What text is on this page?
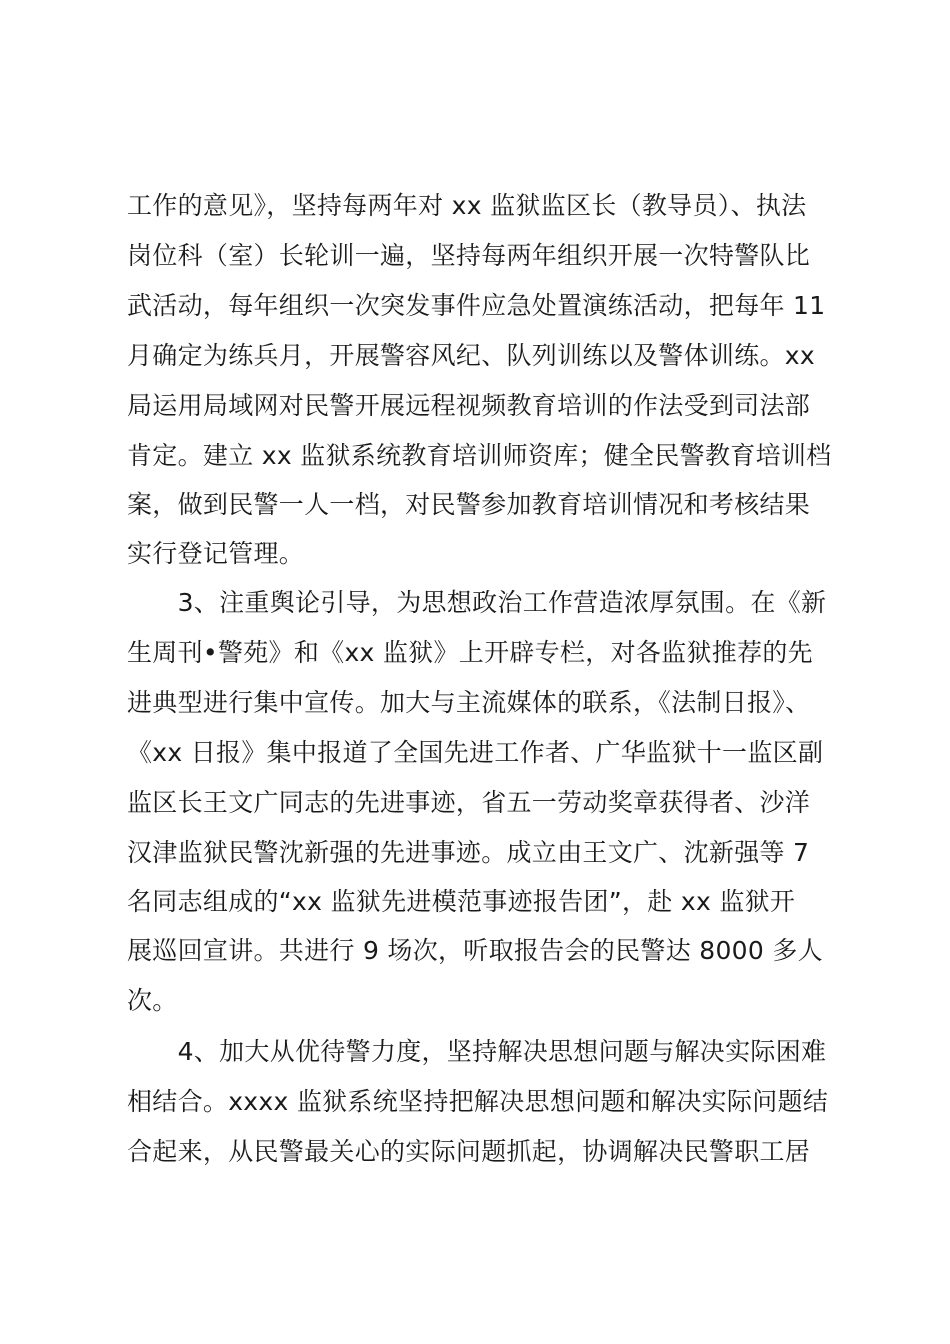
工作的意见》，坚持每两年对 xx 监狱监区长（教导员）、执法
岗位科（室）长轮训一遍，坚持每两年组织开展一次特警队比
武活动，每年组织一次突发事件应急处置演练活动，把每年 11
月确定为练兵月，开展警容风纪、队列训练以及警体训练。xx
局运用局域网对民警开展远程视频教育培训的作法受到司法部
肯定。建立 xx 监狱系统教育培训师资库；健全民警教育培训档
案，做到民警一人一档，对民警参加教育培训情况和考核结果
实行登记管理。
　　3、注重舆论引导，为思想政治工作营造浓厚氛围。在《新
生周刊•警苑》和《xx 监狱》上开辟专栏，对各监狱推荐的先
进典型进行集中宣传。加大与主流媒体的联系，《法制日报》、
《xx 日报》集中报道了全国先进工作者、广华监狱十一监区副
监区长王文广同志的先进事迹，省五一劳动奖章获得者、沙洋
汉津监狱民警沈新强的先进事迹。成立由王文广、沈新强等 7
名同志组成的“xx 监狱先进模范事迹报告团”，赴 xx 监狱开
展巡回宣讲。共进行 9 场次，听取报告会的民警达 8000 多人
次。
　　4、加大从优待警力度，坚持解决思想问题与解决实际困难
相结合。xxxx 监狱系统坚持把解决思想问题和解决实际问题结
合起来，从民警最关心的实际问题抓起，协调解决民警职工居
